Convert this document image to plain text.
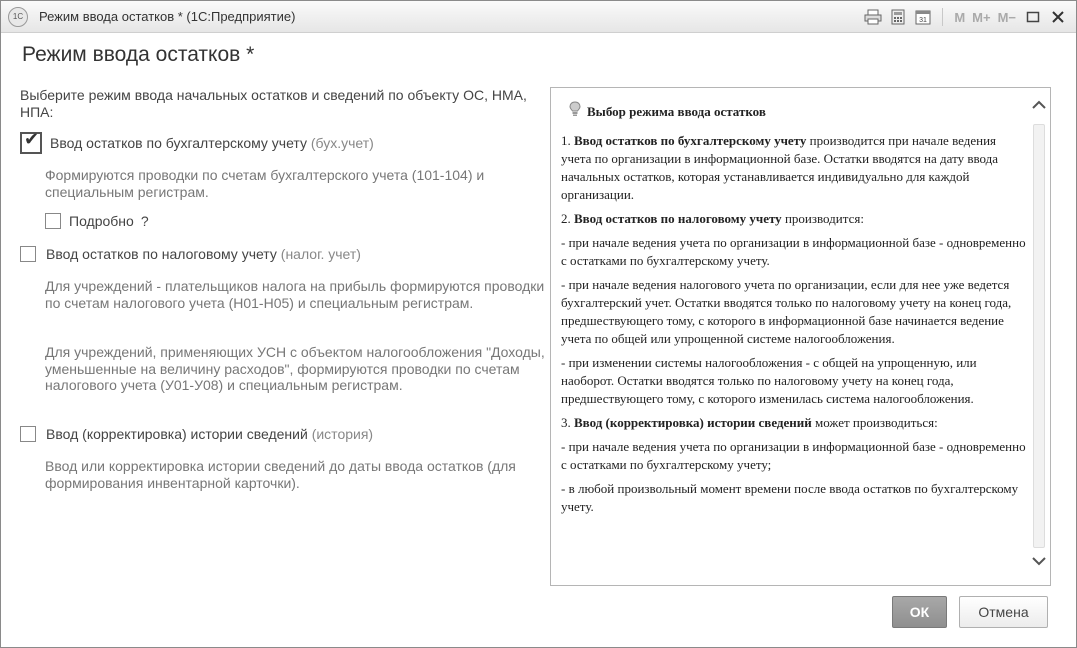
1С	Режим ввода остатков * (1С:Предприятие)	31 M M+ M−
Режим ввода остатков *

Выберите режим ввода начальных остатков и сведений по объекту ОС, НМА, НПА:

✔
Ввод остатков по бухгалтерскому учету (бух.учет)

Формируются проводки по счетам бухгалтерского учета (101-104) и специальным регистрам.

Подробно ?
Ввод остатков по налоговому учету (налог. учет)

Для учреждений - плательщиков налога на прибыль формируются проводки по счетам налогового учета (Н01-Н05) и специальным регистрам.

Для учреждений, применяющих УСН с объектом налогообложения "Доходы, уменьшенные на величину расходов", формируются проводки по счетам налогового учета (У01-У08) и специальным регистрам.

Ввод (корректировка) истории сведений (история)

Ввод или корректировка истории сведений до даты ввода остатков (для формирования инвентарной карточки).

Выбор режима ввода остатков

1. Ввод остатков по бухгалтерскому учету производится при начале ведения учета по организации в информационной базе. Остатки вводятся на дату ввода начальных остатков, которая устанавливается индивидуально для каждой организации.

2. Ввод остатков по налоговому учету производится:

- при начале ведения учета по организации в информационной базе - одновременно с остатками по бухгалтерскому учету.

- при начале ведения налогового учета по организации, если для нее уже ведется бухгалтерский учет. Остатки вводятся только по налоговому учету на конец года, предшествующего тому, с которого в информационной базе начинается ведение учета по общей или упрощенной системе налогообложения.

- при изменении системы налогообложения - с общей на упрощенную, или наоборот. Остатки вводятся только по налоговому учету на конец года, предшествующего тому, с которого изменилась система налогообложения.

3. Ввод (корректировка) истории сведений может производиться:

- при начале ведения учета по организации в информационной базе - одновременно с остатками по бухгалтерскому учету;

- в любой произвольный момент времени после ввода остатков по бухгалтерскому учету.

ОК	Отмена
